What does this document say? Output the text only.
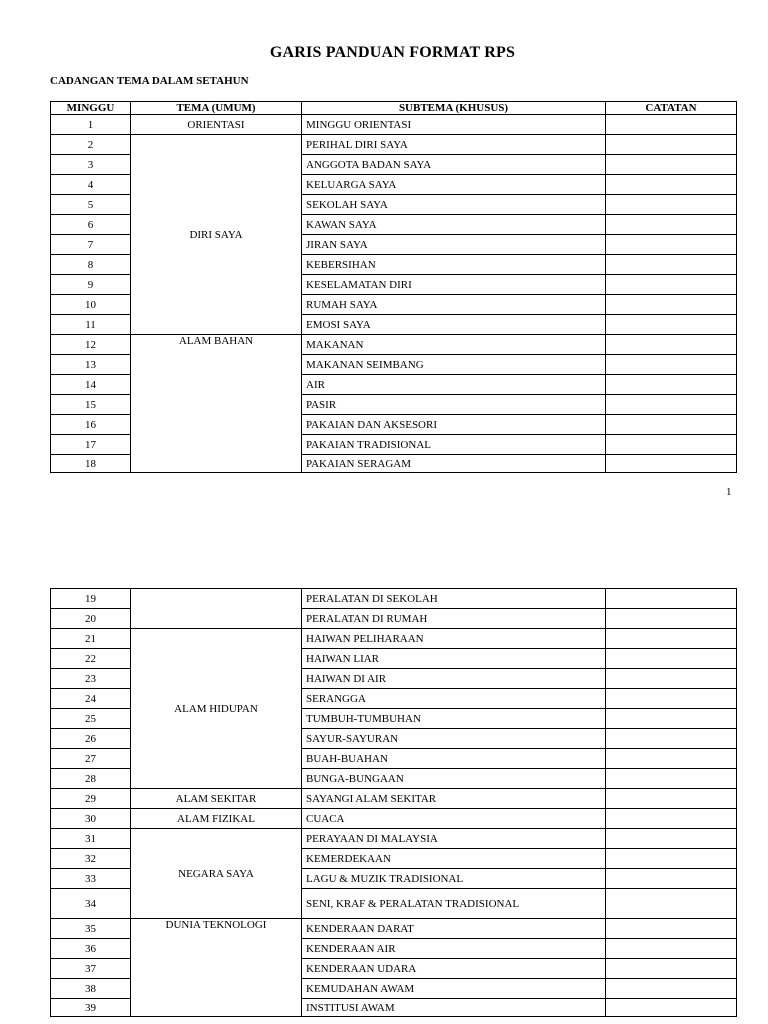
GARIS PANDUAN FORMAT RPS
CADANGAN TEMA DALAM SETAHUN
MINGGU	TEMA (UMUM)	SUBTEMA (KHUSUS)	CATATAN
1	ORIENTASI	MINGGU ORIENTASI	
2	DIRI SAYA	PERIHAL DIRI SAYA	
3		ANGGOTA BADAN SAYA	
4		KELUARGA SAYA	
5		SEKOLAH SAYA	
6		KAWAN SAYA	
7		JIRAN SAYA	
8		KEBERSIHAN	
9		KESELAMATAN DIRI	
10		RUMAH SAYA	
11		EMOSI SAYA	
12	ALAM BAHAN	MAKANAN	
13		MAKANAN SEIMBANG	
14		AIR	
15		PASIR	
16		PAKAIAN DAN AKSESORI	
17		PAKAIAN TRADISIONAL	
18		PAKAIAN SERAGAM	
1
19		PERALATAN DI SEKOLAH	
20		PERALATAN DI RUMAH	
21	ALAM HIDUPAN	HAIWAN PELIHARAAN	
22		HAIWAN LIAR	
23		HAIWAN DI AIR	
24		SERANGGA	
25		TUMBUH-TUMBUHAN	
26		SAYUR-SAYURAN	
27		BUAH-BUAHAN	
28		BUNGA-BUNGAAN	
29	ALAM SEKITAR	SAYANGI ALAM SEKITAR	
30	ALAM FIZIKAL	CUACA	
31	NEGARA SAYA	PERAYAAN DI MALAYSIA	
32		KEMERDEKAAN	
33		LAGU & MUZIK TRADISIONAL	
34		SENI, KRAF & PERALATAN TRADISIONAL	
35	DUNIA TEKNOLOGI	KENDERAAN DARAT	
36		KENDERAAN AIR	
37		KENDERAAN UDARA	
38		KEMUDAHAN AWAM	
39		INSTITUSI AWAM	
